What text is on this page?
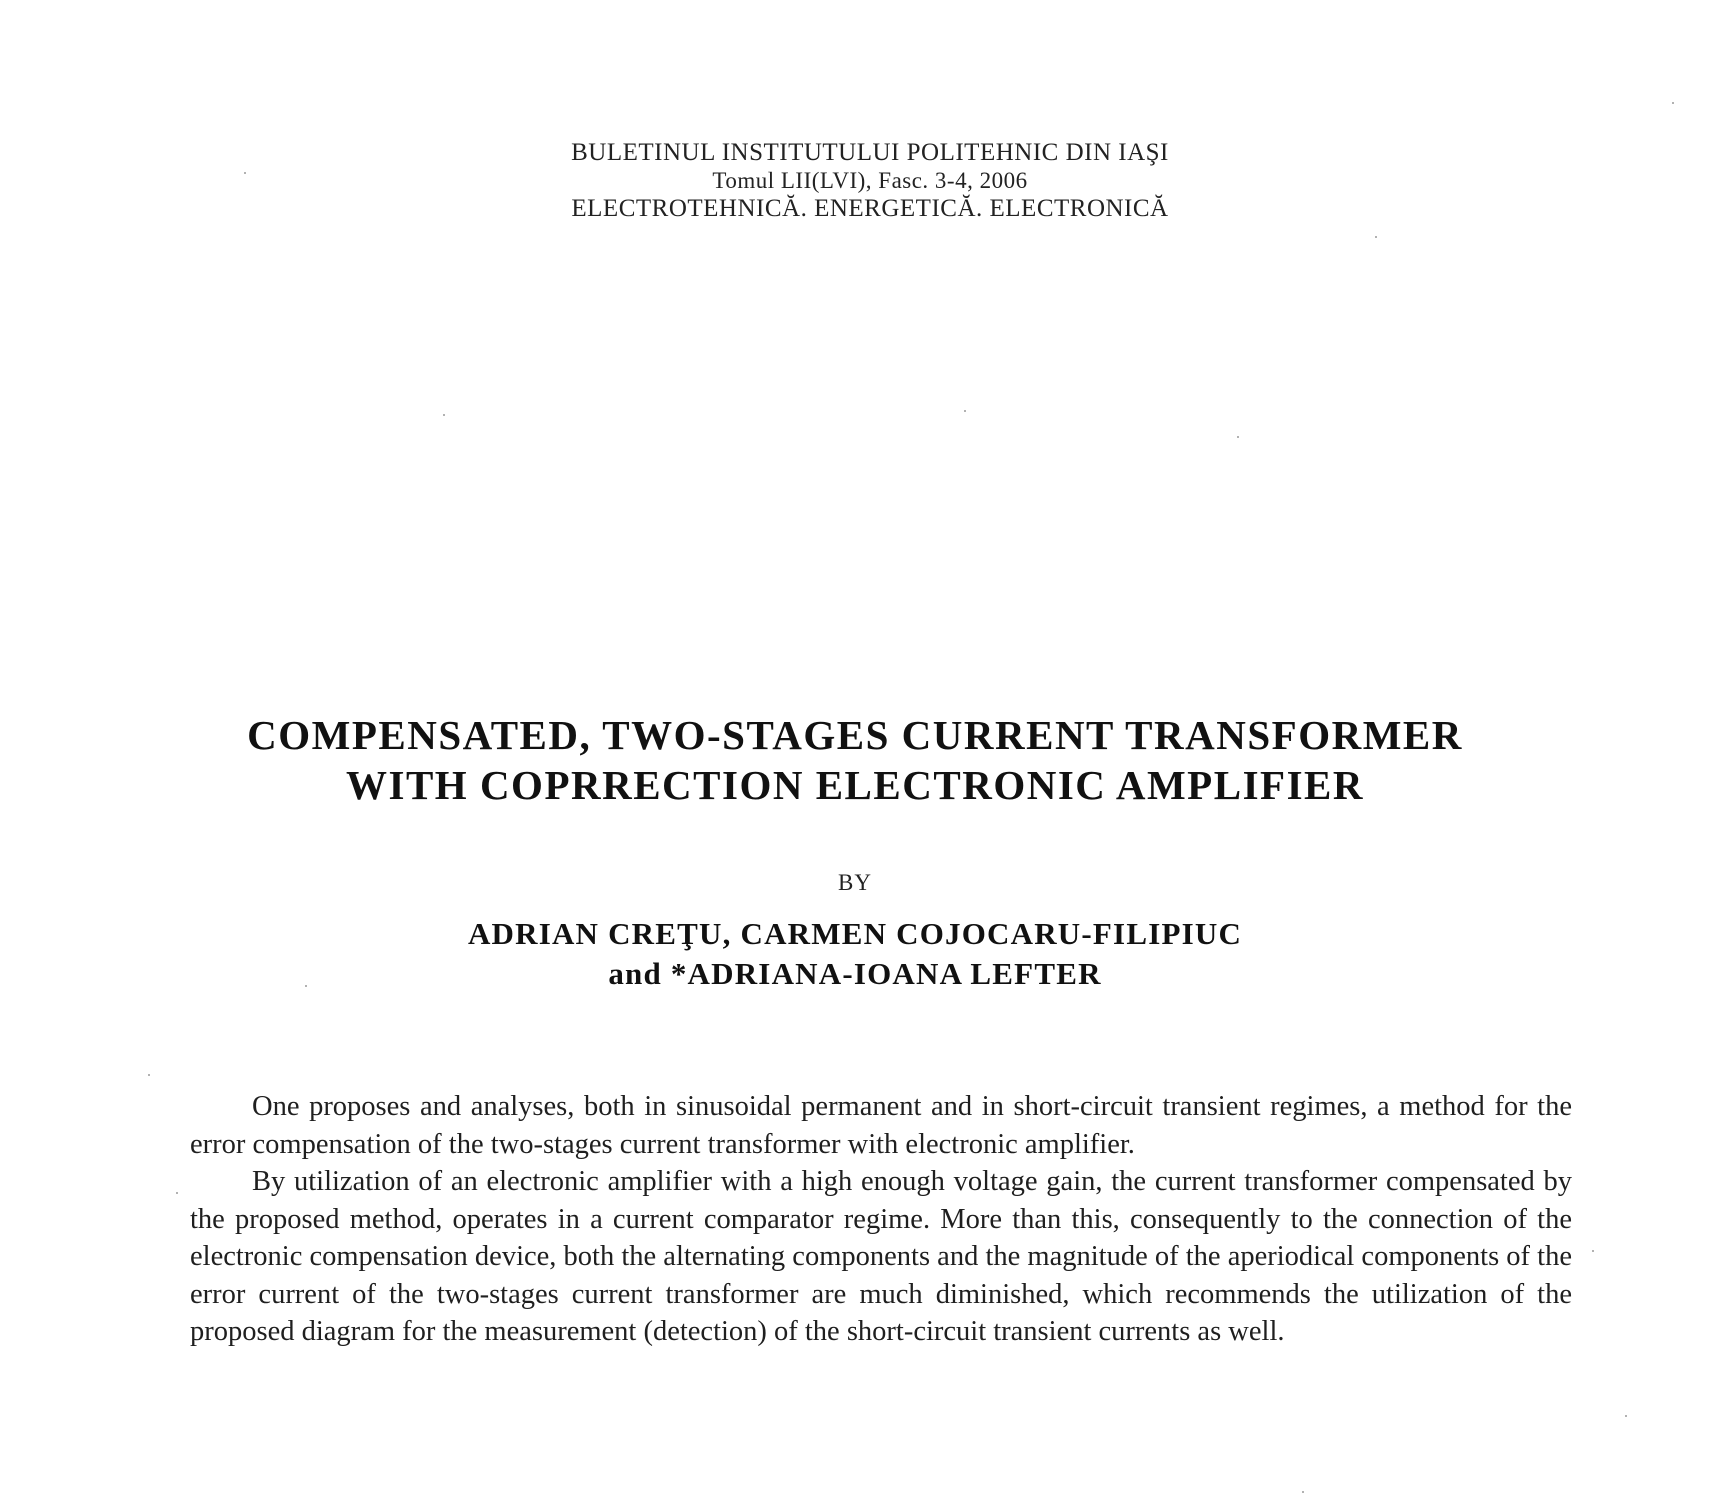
BULETINUL INSTITUTULUI POLITEHNIC DIN IAŞI
Tomul LII(LVI), Fasc. 3-4, 2006
ELECTROTEHNICĂ. ENERGETICĂ. ELECTRONICĂ
COMPENSATED, TWO-STAGES CURRENT TRANSFORMER
WITH COPRRECTION ELECTRONIC AMPLIFIER
BY
ADRIAN CREŢU, CARMEN COJOCARU-FILIPIUC
and *ADRIANA-IOANA LEFTER

One proposes and analyses, both in sinusoidal permanent and in short-circuit transient regimes, a method for the error compensation of the two-stages current transformer with electronic amplifier.

By utilization of an electronic amplifier with a high enough voltage gain, the current transformer compensated by the proposed method, operates in a current comparator regime. More than this, consequently to the connection of the electronic compensation device, both the alternating components and the magnitude of the aperiodical components of the error current of the two-stages current transformer are much diminished, which recommends the utilization of the proposed diagram for the measurement (detection) of the short-circuit transient currents as well.
